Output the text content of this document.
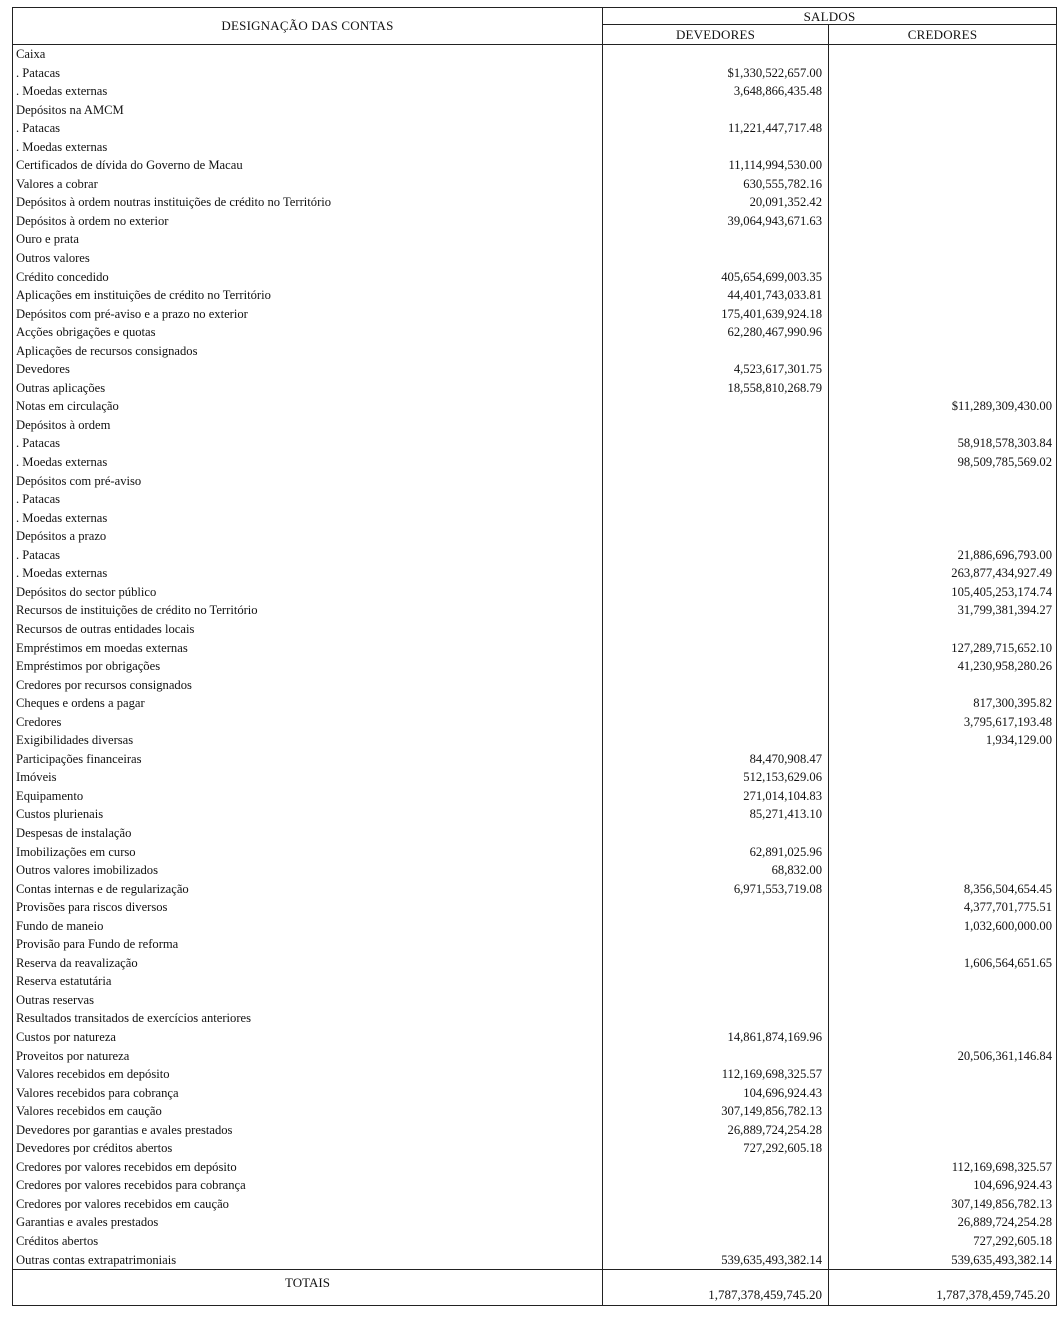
DESIGNAÇÃO DAS CONTAS	SALDOS	
	DEVEDORES	CREDORES
Caixa		
. Patacas	$1,330,522,657.00	
. Moedas externas	3,648,866,435.48	
Depósitos na AMCM		
. Patacas	11,221,447,717.48	
. Moedas externas		
Certificados de dívida do Governo de Macau	11,114,994,530.00	
Valores a cobrar	630,555,782.16	
Depósitos à ordem noutras instituições de crédito no Território	20,091,352.42	
Depósitos à ordem no exterior	39,064,943,671.63	
Ouro e prata		
Outros valores		
Crédito concedido	405,654,699,003.35	
Aplicações em instituições de crédito no Território	44,401,743,033.81	
Depósitos com pré-aviso e a prazo no exterior	175,401,639,924.18	
Acções obrigações e quotas	62,280,467,990.96	
Aplicações de recursos consignados		
Devedores	4,523,617,301.75	
Outras aplicações	18,558,810,268.79	
Notas em circulação		$11,289,309,430.00
Depósitos à ordem		
. Patacas		58,918,578,303.84
. Moedas externas		98,509,785,569.02
Depósitos com pré-aviso		
. Patacas		
. Moedas externas		
Depósitos a prazo		
. Patacas		21,886,696,793.00
. Moedas externas		263,877,434,927.49
Depósitos do sector público		105,405,253,174.74
Recursos de instituições de crédito no Território		31,799,381,394.27
Recursos de outras entidades locais		
Empréstimos em moedas externas		127,289,715,652.10
Empréstimos por obrigações		41,230,958,280.26
Credores por recursos consignados		
Cheques e ordens a pagar		817,300,395.82
Credores		3,795,617,193.48
Exigibilidades diversas		1,934,129.00
Participações financeiras	84,470,908.47	
Imóveis	512,153,629.06	
Equipamento	271,014,104.83	
Custos plurienais	85,271,413.10	
Despesas de instalação		
Imobilizações em curso	62,891,025.96	
Outros valores imobilizados	68,832.00	
Contas internas e de regularização	6,971,553,719.08	8,356,504,654.45
Provisões para riscos diversos		4,377,701,775.51
Fundo de maneio		1,032,600,000.00
Provisão para Fundo de reforma		
Reserva da reavalização		1,606,564,651.65
Reserva estatutária		
Outras reservas		
Resultados transitados de exercícios anteriores		
Custos por natureza	14,861,874,169.96	
Proveitos por natureza		20,506,361,146.84
Valores recebidos em depósito	112,169,698,325.57	
Valores recebidos para cobrança	104,696,924.43	
Valores recebidos em caução	307,149,856,782.13	
Devedores por garantias e avales prestados	26,889,724,254.28	
Devedores por créditos abertos	727,292,605.18	
Credores por valores recebidos em depósito		112,169,698,325.57
Credores por valores recebidos para cobrança		104,696,924.43
Credores por valores recebidos em caução		307,149,856,782.13
Garantias e avales prestados		26,889,724,254.28
Créditos abertos		727,292,605.18
Outras contas extrapatrimoniais	539,635,493,382.14	539,635,493,382.14
TOTAIS	1,787,378,459,745.20	1,787,378,459,745.20
